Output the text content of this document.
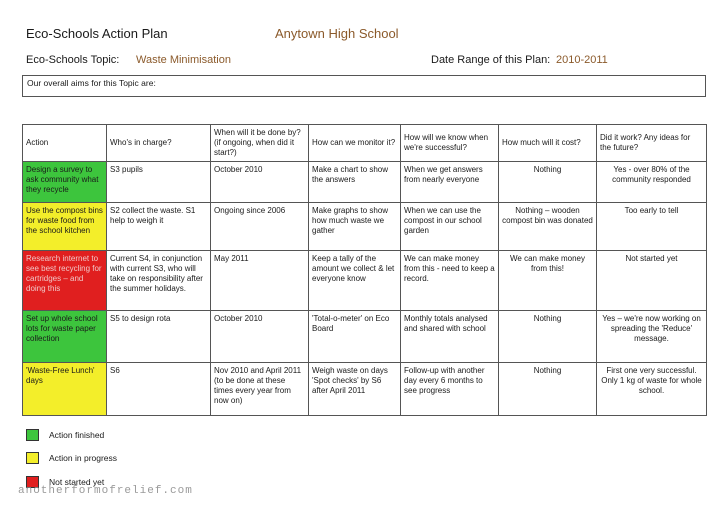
Eco-Schools Action Plan	Anytown High School
Eco-Schools Topic: Waste Minimisation	Date Range of this Plan: 2010-2011
Our overall aims for this Topic are:
Action	Who's in charge?	When will it be done by? (if ongoing, when did it start?)	How can we monitor it?	How will we know when we're successful?	How much will it cost?	Did it work? Any ideas for the future?
Design a survey to ask community what they recycle	S3 pupils	October 2010	Make a chart to show the answers	When we get answers from nearly everyone	Nothing	Yes - over 80% of the community responded
Use the compost bins for waste food from the school kitchen	S2 collect the waste. S1 help to weigh it	Ongoing since 2006	Make graphs to show how much waste we gather	When we can use the compost in our school garden	Nothing – wooden compost bin was donated	Too early to tell
Research internet to see best recycling for cartridges – and doing this	Current S4, in conjunction with current S3, who will take on responsibility after the summer holidays.	May 2011	Keep a tally of the amount we collect & let everyone know	We can make money from this - need to keep a record.	We can make money from this!	Not started yet
Set up whole school lots for waste paper collection	S5 to design rota	October 2010	'Total-o-meter' on Eco Board	Monthly totals analysed and shared with school	Nothing	Yes – we're now working on spreading the 'Reduce' message.
'Waste-Free Lunch' days	S6	Nov 2010 and April 2011 (to be done at these times every year from now on)	Weigh waste on days 'Spot checks' by S6 after April 2011	Follow-up with another day every 6 months to see progress	Nothing	First one very successful. Only 1 kg of waste for whole school.
Action finished
Action in progress
Not started yet
anotherformofrelief.com
